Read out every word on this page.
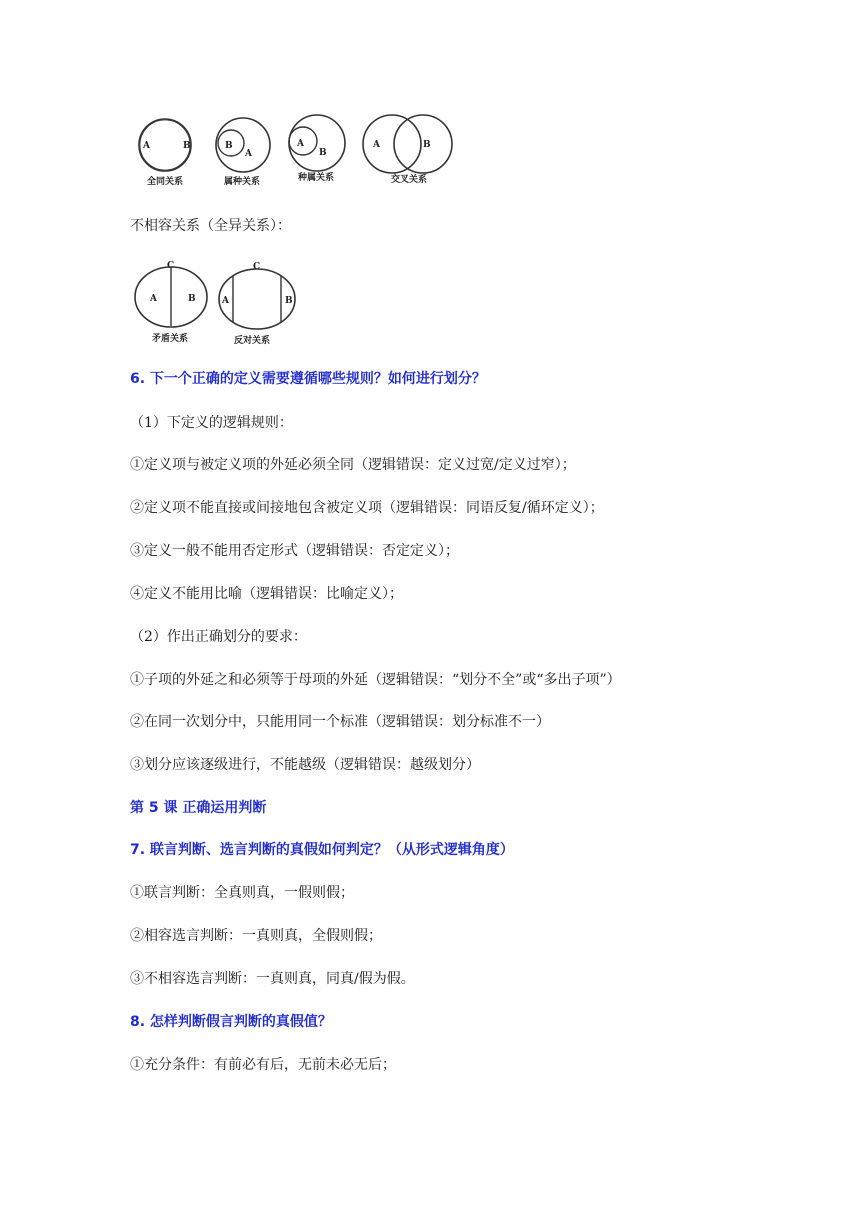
A	B
全同关系
B
A
属种关系
A
B
种属关系
A	B
交叉关系
不相容关系（全异关系）：
C
A	B
矛盾关系
C
A	B
反对关系
6. 下一个正确的定义需要遵循哪些规则？如何进行划分？
（1）下定义的逻辑规则：
①定义项与被定义项的外延必须全同（逻辑错误：定义过宽/定义过窄）；
②定义项不能直接或间接地包含被定义项（逻辑错误：同语反复/循环定义）；
③定义一般不能用否定形式（逻辑错误：否定定义）；
④定义不能用比喻（逻辑错误：比喻定义）；
（2）作出正确划分的要求：
①子项的外延之和必须等于母项的外延（逻辑错误：“划分不全”或“多出子项”）
②在同一次划分中，只能用同一个标准（逻辑错误：划分标准不一）
③划分应该逐级进行，不能越级（逻辑错误：越级划分）
第 5 课 正确运用判断
7. 联言判断、选言判断的真假如何判定？（从形式逻辑角度）
①联言判断：全真则真，一假则假；
②相容选言判断：一真则真，全假则假；
③不相容选言判断：一真则真，同真/假为假。
8. 怎样判断假言判断的真假值？
①充分条件：有前必有后，无前未必无后；
